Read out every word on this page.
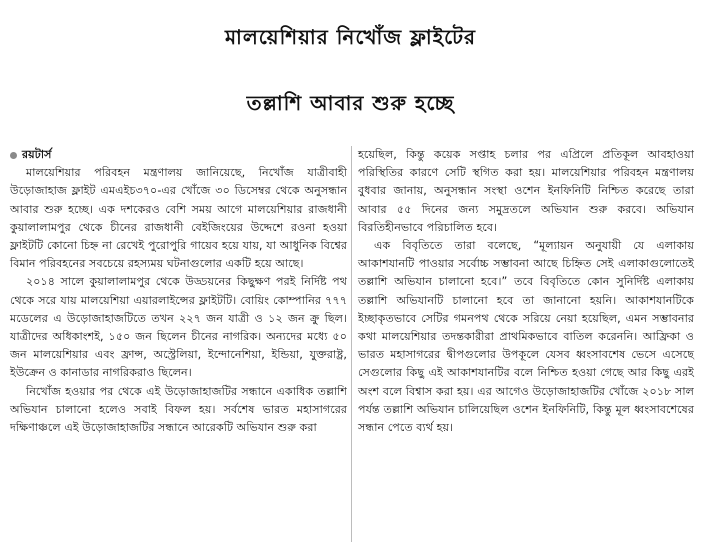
মালয়েশিয়ার নিখোঁজ ফ্লাইটের
তল্লাশি আবার শুরু হচ্ছে
রয়টার্স

মালয়েশিয়ার পরিবহন মন্ত্রণালয় জানিয়েছে, নিখোঁজ যাত্রীবাহী উড়োজাহাজ ফ্লাইট এমএইচ৩৭০-এর খোঁজে ৩০ ডিসেম্বর থেকে অনুসন্ধান আবার শুরু হচ্ছে। এক দশকেরও বেশি সময় আগে মালয়েশিয়ার রাজধানী কুয়ালালামপুর থেকে চীনের রাজধানী বেইজিংয়ের উদ্দেশে রওনা হওয়া ফ্লাইটটি কোনো চিহ্ন না রেখেই পুরোপুরি গায়েব হয়ে যায়, যা আধুনিক বিশ্বের বিমান পরিবহনের সবচেয়ে রহস্যময় ঘটনাগুলোর একটি হয়ে আছে।

২০১৪ সালে কুয়ালালামপুর থেকে উড্ডয়নের কিছুক্ষণ পরই নির্দিষ্ট পথ থেকে সরে যায় মালয়েশিয়া এয়ারলাইন্সের ফ্লাইটটি। বোয়িং কোম্পানির ৭৭৭ মডেলের এ উড়োজাহাজটিতে তখন ২২৭ জন যাত্রী ও ১২ জন ক্রু ছিল। যাত্রীদের অধিকাংশই, ১৫০ জন ছিলেন চীনের নাগরিক। অন্যদের মধ্যে ৫০ জন মালয়েশিয়ার এবং ফ্রান্স, অস্ট্রেলিয়া, ইন্দোনেশিয়া, ইন্ডিয়া, যুক্তরাষ্ট্র, ইউক্রেন ও কানাডার নাগরিকরাও ছিলেন।

নিখোঁজ হওয়ার পর থেকে এই উড়োজাহাজটির সন্ধানে একাধিক তল্লাশি অভিযান চালানো হলেও সবাই বিফল হয়। সর্বশেষ ভারত মহাসাগরের দক্ষিণাঞ্চলে এই উড়োজাহাজটির সন্ধানে আরেকটি অভিযান শুরু করা

হয়েছিল, কিন্তু কয়েক সপ্তাহ চলার পর এপ্রিলে প্রতিকূল আবহাওয়া পরিস্থিতির কারণে সেটি স্থগিত করা হয়। মালয়েশিয়ার পরিবহন মন্ত্রণালয় বুধবার জানায়, অনুসন্ধান সংস্থা ওশেন ইনফিনিটি নিশ্চিত করেছে তারা আবার ৫৫ দিনের জন্য সমুদ্রতলে অভিযান শুরু করবে। অভিযান বিরতিহীনভাবে পরিচালিত হবে।

এক বিবৃতিতে তারা বলেছে, “মূল্যায়ন অনুযায়ী যে এলাকায় আকাশযানটি পাওয়ার সর্বোচ্চ সম্ভাবনা আছে চিহ্নিত সেই এলাকাগুলোতেই তল্লাশি অভিযান চালানো হবে।” তবে বিবৃতিতে কোন সুনির্দিষ্ট এলাকায় তল্লাশি অভিযানটি চালানো হবে তা জানানো হয়নি। আকাশযানটিকে ইচ্ছাকৃতভাবে সেটির গমনপথ থেকে সরিয়ে নেয়া হয়েছিল, এমন সম্ভাবনার কথা মালয়েশিয়ার তদন্তকারীরা প্রাথমিকভাবে বাতিল করেননি। আফ্রিকা ও ভারত মহাসাগরের দ্বীপগুলোর উপকূলে যেসব ধ্বংসাবশেষ ভেসে এসেছে সেগুলোর কিছু এই আকাশযানটির বলে নিশ্চিত হওয়া গেছে আর কিছু এরই অংশ বলে বিশ্বাস করা হয়। এর আগেও উড়োজাহাজটির খোঁজে ২০১৮ সাল পর্যন্ত তল্লাশি অভিযান চালিয়েছিল ওশেন ইনফিনিটি, কিন্তু মূল ধ্বংসাবশেষের সন্ধান পেতে ব্যর্থ হয়।
